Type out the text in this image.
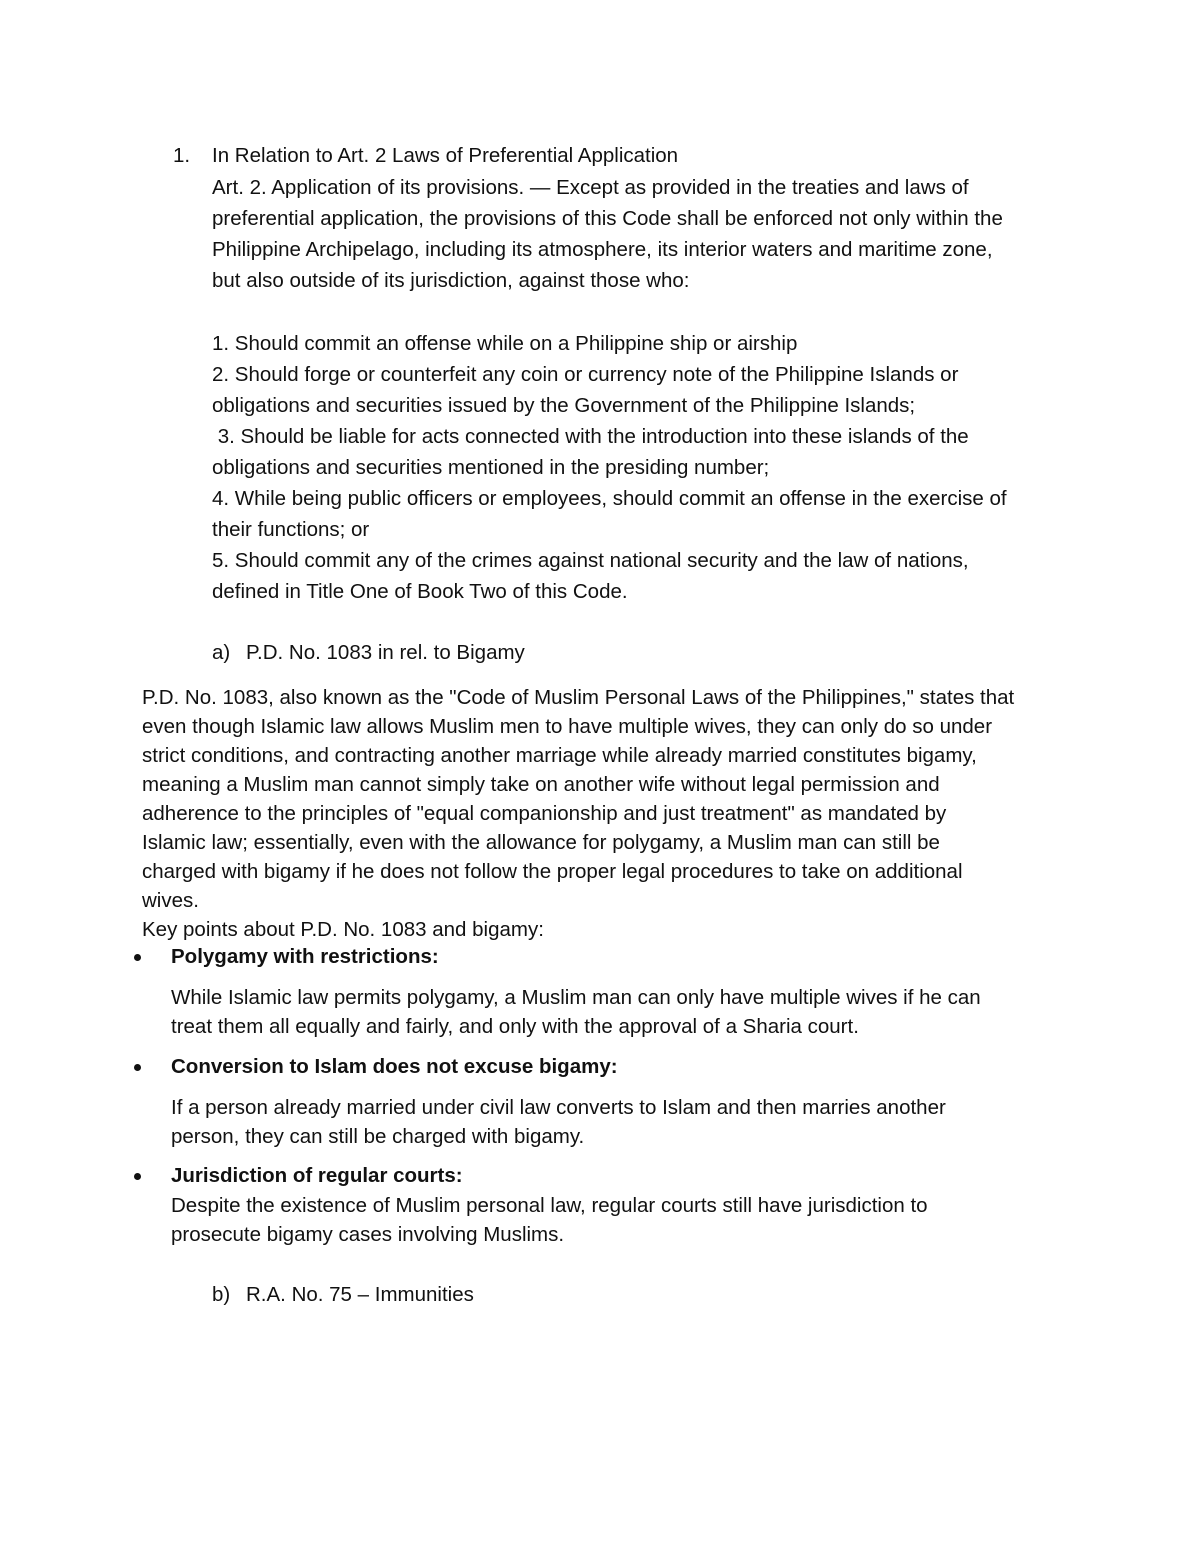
1. In Relation to Art. 2 Laws of Preferential Application
Art. 2. Application of its provisions. — Except as provided in the treaties and laws of
preferential application, the provisions of this Code shall be enforced not only within the
Philippine Archipelago, including its atmosphere, its interior waters and maritime zone,
but also outside of its jurisdiction, against those who:
1. Should commit an offense while on a Philippine ship or airship
2. Should forge or counterfeit any coin or currency note of the Philippine Islands or
obligations and securities issued by the Government of the Philippine Islands;
3. Should be liable for acts connected with the introduction into these islands of the
obligations and securities mentioned in the presiding number;
4. While being public officers or employees, should commit an offense in the exercise of
their functions; or
5. Should commit any of the crimes against national security and the law of nations,
defined in Title One of Book Two of this Code.
a) P.D. No. 1083 in rel. to Bigamy
P.D. No. 1083, also known as the "Code of Muslim Personal Laws of the Philippines," states that
even though Islamic law allows Muslim men to have multiple wives, they can only do so under
strict conditions, and contracting another marriage while already married constitutes bigamy,
meaning a Muslim man cannot simply take on another wife without legal permission and
adherence to the principles of "equal companionship and just treatment" as mandated by
Islamic law; essentially, even with the allowance for polygamy, a Muslim man can still be
charged with bigamy if he does not follow the proper legal procedures to take on additional
wives.
Key points about P.D. No. 1083 and bigamy:
Polygamy with restrictions:
While Islamic law permits polygamy, a Muslim man can only have multiple wives if he can
treat them all equally and fairly, and only with the approval of a Sharia court.
Conversion to Islam does not excuse bigamy:
If a person already married under civil law converts to Islam and then marries another
person, they can still be charged with bigamy.
Jurisdiction of regular courts:
Despite the existence of Muslim personal law, regular courts still have jurisdiction to
prosecute bigamy cases involving Muslims.
b) R.A. No. 75 – Immunities
